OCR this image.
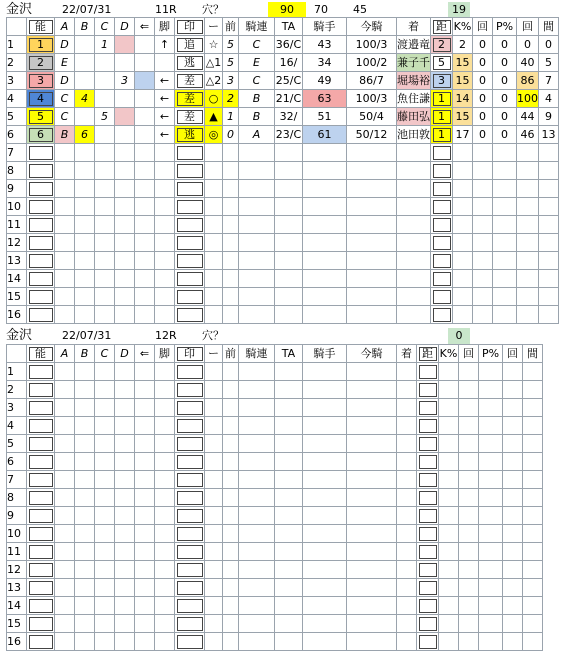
金沢	22/07/31	11R 穴？	90	70 45	19
	能	A	B	C	D	⇐	脚	印	ー	前	騎連	TA	騎手	今騎	着	距	K%	回	P%	回	間
1	1	D		1			↑	追	☆	5	C	36/C	43	100/3	渡邉竜	2	2	0	0	0	0
2	2	E						逃	△1	5	E	16/	34	100/2	兼子千	5	15	0	0	40	5
3	3	D			3		←	差	△2	3	C	25/C	49	86/7	堀場裕	3	15	0	0	86	7
4	4	C	4				←	差	○	2	B	21/C	63	100/3	魚住謙	1	14	0	0	100	4
5	5	C		5			←	差	▲	1	B	32/	51	50/4	藤田弘	1	15	0	0	44	9
6	6	B	6				←	逃	◎	0	A	23/C	61	50/12	池田敦	1	17	0	0	46	13
7																					
8																					
9																					
10																					
11																					
12																					
13																					
14																					
15																					
16																					
金沢	22/07/31	12R 穴？	0
	能	A	B	C	D	⇐	脚	印	ー	前	騎連	TA	騎手	今騎	着	距	K%	回	P%	回	間
1																					
2																					
3																					
4																					
5																					
6																					
7																					
8																					
9																					
10																					
11																					
12																					
13																					
14																					
15																					
16																					
